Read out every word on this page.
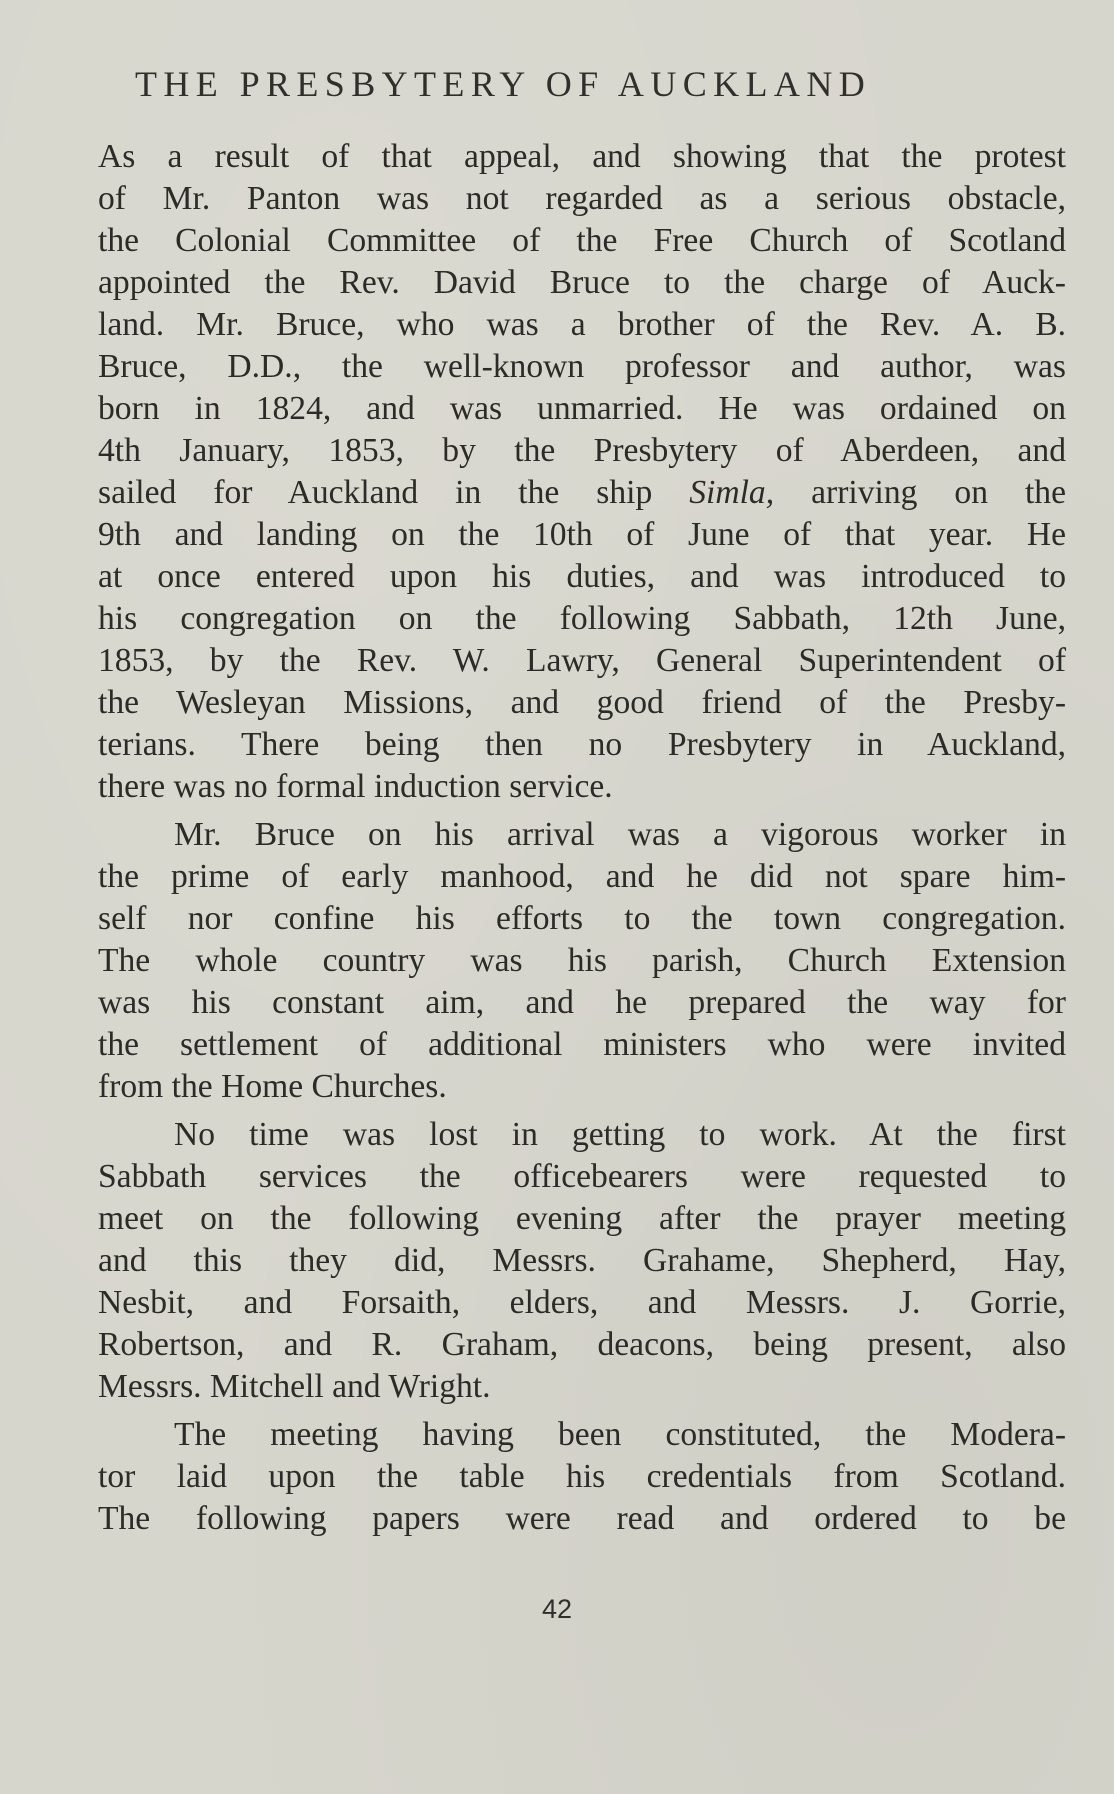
THE PRESBYTERY OF AUCKLAND
As a result of that appeal, and showing that the protest
of Mr. Panton was not regarded as a serious obstacle,
the Colonial Committee of the Free Church of Scotland
appointed the Rev. David Bruce to the charge of Auck-
land. Mr. Bruce, who was a brother of the Rev. A. B.
Bruce, D.D., the well-known professor and author, was
born in 1824, and was unmarried. He was ordained on
4th January, 1853, by the Presbytery of Aberdeen, and
sailed for Auckland in the ship Simla, arriving on the
9th and landing on the 10th of June of that year. He
at once entered upon his duties, and was introduced to
his congregation on the following Sabbath, 12th June,
1853, by the Rev. W. Lawry, General Superintendent of
the Wesleyan Missions, and good friend of the Presby-
terians. There being then no Presbytery in Auckland,
there was no formal induction service.
Mr. Bruce on his arrival was a vigorous worker in
the prime of early manhood, and he did not spare him-
self nor confine his efforts to the town congregation.
The whole country was his parish, Church Extension
was his constant aim, and he prepared the way for
the settlement of additional ministers who were invited
from the Home Churches.
No time was lost in getting to work. At the first
Sabbath services the officebearers were requested to
meet on the following evening after the prayer meeting
and this they did, Messrs. Grahame, Shepherd, Hay,
Nesbit, and Forsaith, elders, and Messrs. J. Gorrie,
Robertson, and R. Graham, deacons, being present, also
Messrs. Mitchell and Wright.
The meeting having been constituted, the Modera-
tor laid upon the table his credentials from Scotland.
The following papers were read and ordered to be
42
